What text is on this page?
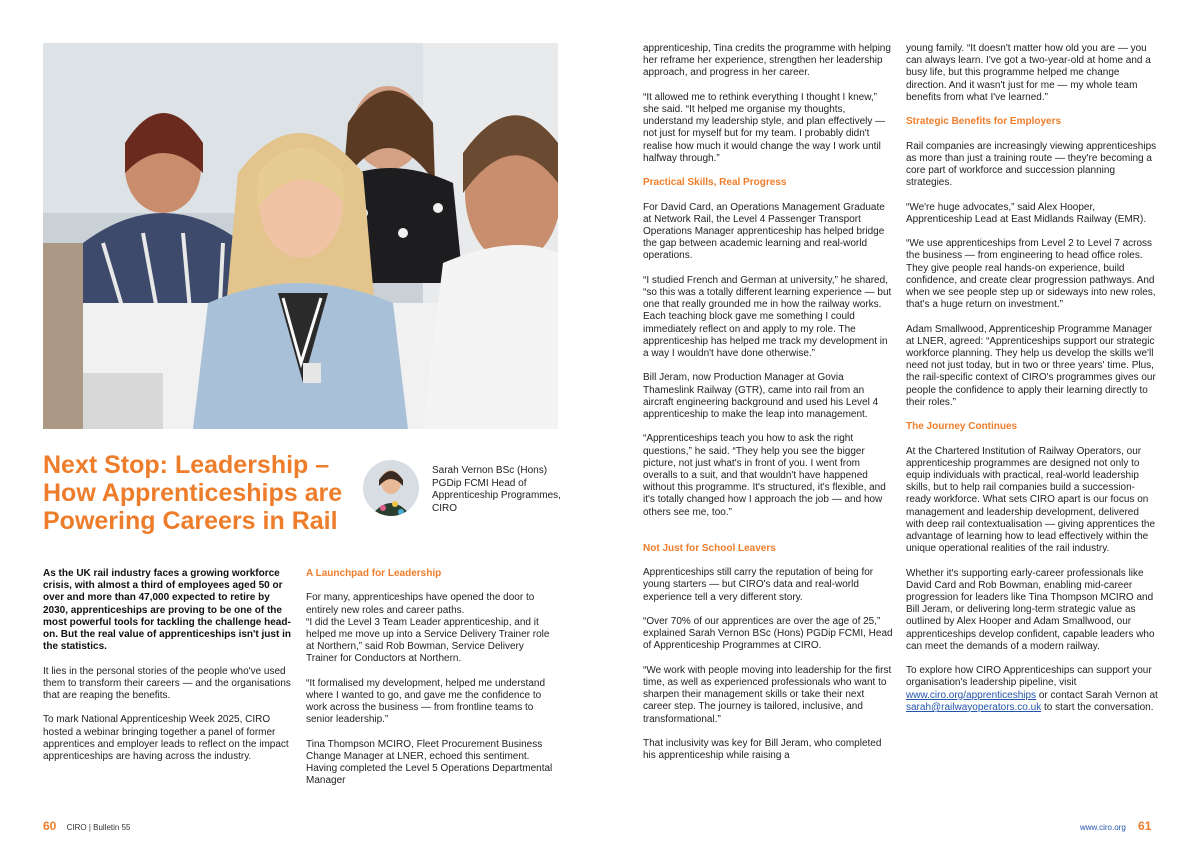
Next Stop: Leadership – How Apprenticeships are Powering Careers in Rail
Sarah Vernon BSc (Hons) PGDip FCMI Head of Apprenticeship Programmes, CIRO

As the UK rail industry faces a growing workforce crisis, with almost a third of employees aged 50 or over and more than 47,000 expected to retire by 2030, apprenticeships are proving to be one of the most powerful tools for tackling the challenge head-on. But the real value of apprenticeships isn't just in the statistics.

It lies in the personal stories of the people who've used them to transform their careers — and the organisations that are reaping the benefits.

To mark National Apprenticeship Week 2025, CIRO hosted a webinar bringing together a panel of former apprentices and employer leads to reflect on the impact apprenticeships are having across the industry.

A Launchpad for Leadership

For many, apprenticeships have opened the door to entirely new roles and career paths.

“I did the Level 3 Team Leader apprenticeship, and it helped me move up into a Service Delivery Trainer role at Northern,” said Rob Bowman, Service Delivery Trainer for Conductors at Northern.

“It formalised my development, helped me understand where I wanted to go, and gave me the confidence to work across the business — from frontline teams to senior leadership.”

Tina Thompson MCIRO, Fleet Procurement Business Change Manager at LNER, echoed this sentiment. Having completed the Level 5 Operations Departmental Manager

apprenticeship, Tina credits the programme with helping her reframe her experience, strengthen her leadership approach, and progress in her career.

“It allowed me to rethink everything I thought I knew,” she said. “It helped me organise my thoughts, understand my leadership style, and plan effectively — not just for myself but for my team. I probably didn't realise how much it would change the way I work until halfway through.”

Practical Skills, Real Progress

For David Card, an Operations Management Graduate at Network Rail, the Level 4 Passenger Transport Operations Manager apprenticeship has helped bridge the gap between academic learning and real-world operations.

“I studied French and German at university,” he shared, “so this was a totally different learning experience — but one that really grounded me in how the railway works. Each teaching block gave me something I could immediately reflect on and apply to my role. The apprenticeship has helped me track my development in a way I wouldn't have done otherwise.”

Bill Jeram, now Production Manager at Govia Thameslink Railway (GTR), came into rail from an aircraft engineering background and used his Level 4 apprenticeship to make the leap into management.

“Apprenticeships teach you how to ask the right questions,” he said. “They help you see the bigger picture, not just what's in front of you. I went from overalls to a suit, and that wouldn't have happened without this programme. It's structured, it's flexible, and it's totally changed how I approach the job — and how others see me, too.”

Not Just for School Leavers

Apprenticeships still carry the reputation of being for young starters — but CIRO's data and real-world experience tell a very different story.

“Over 70% of our apprentices are over the age of 25,” explained Sarah Vernon BSc (Hons) PGDip FCMI, Head of Apprenticeship Programmes at CIRO.

“We work with people moving into leadership for the first time, as well as experienced professionals who want to sharpen their management skills or take their next career step. The journey is tailored, inclusive, and transformational.”

That inclusivity was key for Bill Jeram, who completed his apprenticeship while raising a

young family. “It doesn't matter how old you are — you can always learn. I've got a two-year-old at home and a busy life, but this programme helped me change direction. And it wasn't just for me — my whole team benefits from what I've learned.”

Strategic Benefits for Employers

Rail companies are increasingly viewing apprenticeships as more than just a training route — they're becoming a core part of workforce and succession planning strategies.

“We're huge advocates,” said Alex Hooper, Apprenticeship Lead at East Midlands Railway (EMR).

“We use apprenticeships from Level 2 to Level 7 across the business — from engineering to head office roles. They give people real hands-on experience, build confidence, and create clear progression pathways. And when we see people step up or sideways into new roles, that's a huge return on investment.”

Adam Smallwood, Apprenticeship Programme Manager at LNER, agreed: “Apprenticeships support our strategic workforce planning. They help us develop the skills we'll need not just today, but in two or three years' time. Plus, the rail-specific context of CIRO's programmes gives our people the confidence to apply their learning directly to their roles.”

The Journey Continues

At the Chartered Institution of Railway Operators, our apprenticeship programmes are designed not only to equip individuals with practical, real-world leadership skills, but to help rail companies build a succession-ready workforce. What sets CIRO apart is our focus on management and leadership development, delivered with deep rail contextualisation — giving apprentices the advantage of learning how to lead effectively within the unique operational realities of the rail industry.

Whether it's supporting early-career professionals like David Card and Rob Bowman, enabling mid-career progression for leaders like Tina Thompson MCIRO and Bill Jeram, or delivering long-term strategic value as outlined by Alex Hooper and Adam Smallwood, our apprenticeships develop confident, capable leaders who can meet the demands of a modern railway.

To explore how CIRO Apprenticeships can support your organisation's leadership pipeline, visit www.ciro.org/apprenticeships or contact Sarah Vernon at sarah@railwayoperators.co.uk to start the conversation.

60 CIRO | Bulletin 55	www.ciro.org 61
